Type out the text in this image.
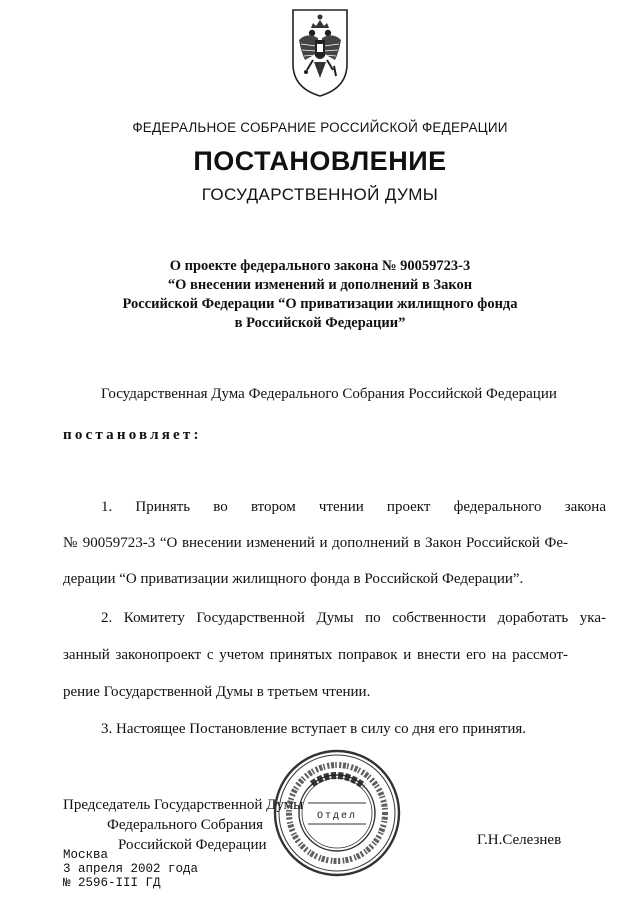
ФЕДЕРАЛЬНОЕ СОБРАНИЕ РОССИЙСКОЙ ФЕДЕРАЦИИ
ПОСТАНОВЛЕНИЕ
ГОСУДАРСТВЕННОЙ ДУМЫ
О проекте федерального закона № 90059723-3
“О внесении изменений и дополнений в Закон
Российской Федерации “О приватизации жилищного фонда
в Российской Федерации”
Государственная Дума Федерального Собрания Российской Федерации
постановляет:
1. Принять во втором чтении проект федерального закона
№ 90059723-3 “О внесении изменений и дополнений в Закон Российской Фе-
дерации “О приватизации жилищного фонда в Российской Федерации”.
2. Комитету Государственной Думы по собственности доработать ука-
занный законопроект с учетом принятых поправок и внести его на рассмот-
рение Государственной Думы в третьем чтении.
3. Настоящее Постановление вступает в силу со дня его принятия.
Председатель Государственной Думы
Федерального Собрания
Российской Федерации	Г.Н.Селезнев
Москва
3 апреля 2002 года
№ 2596-III ГД
Отдел
